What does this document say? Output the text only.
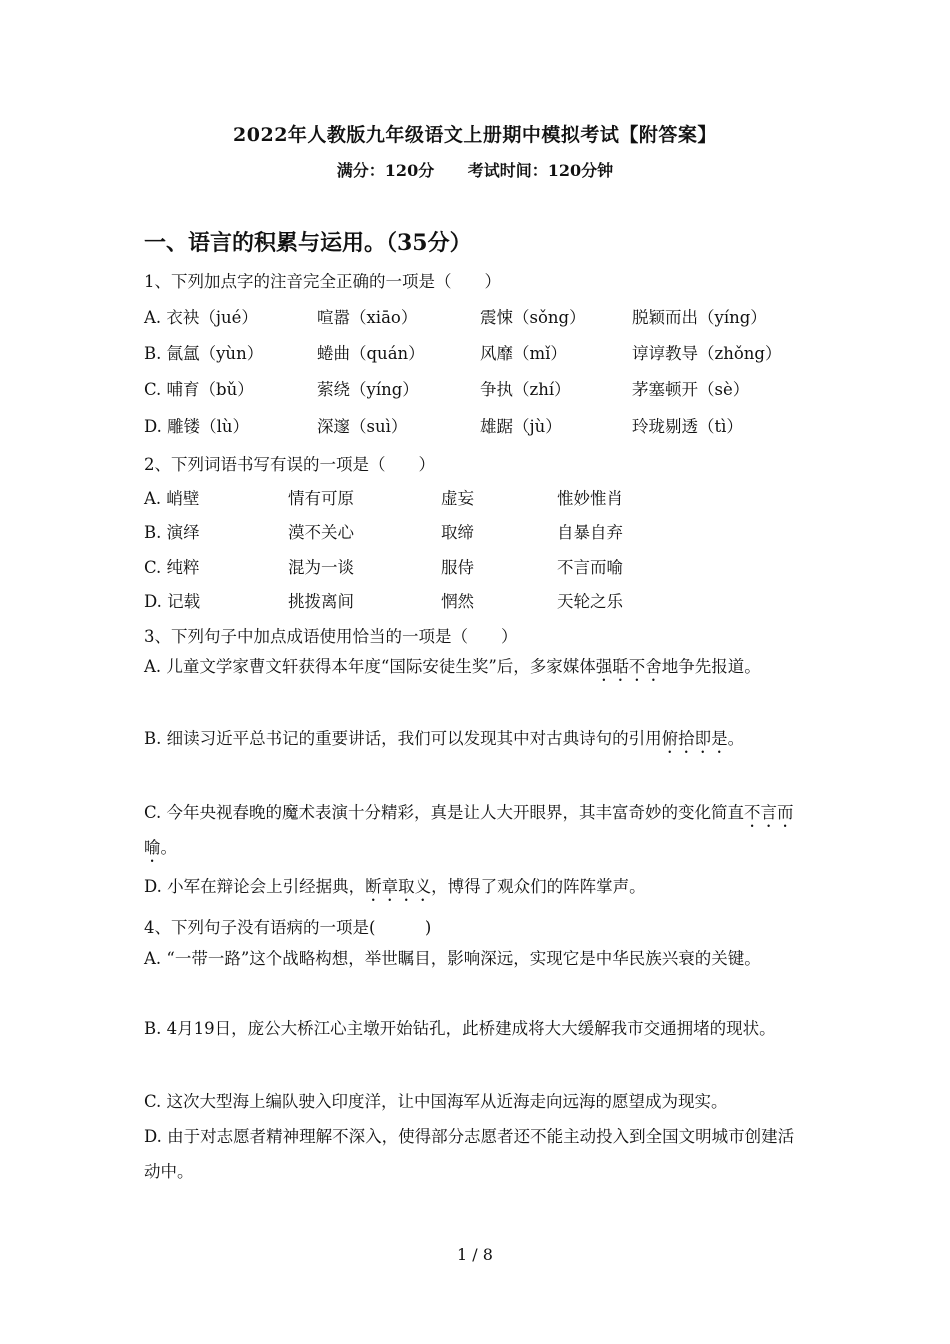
2022年人教版九年级语文上册期中模拟考试【附答案】
满分：120分 考试时间：120分钟
一、语言的积累与运用。（35分）
1、下列加点字的注音完全正确的一项是（　　）
A. 衣袂（jué）	喧嚣（xiāo）	震悚（sǒng）	脱颖而出（yíng）
B. 氤氲（yùn）	蜷曲（quán）	风靡（mǐ）	谆谆教导（zhǒng）
C. 哺育（bǔ）	萦绕（yíng）	争执（zhí）	茅塞顿开（sè）
D. 雕镂（lù）	深邃（suì）	雄踞（jù）	玲珑剔透（tì）
2、下列词语书写有误的一项是（　　）
A. 峭壁	情有可原	虚妄	惟妙惟肖
B. 演绎	漠不关心	取缔	自暴自弃
C. 纯粹	混为一谈	服侍	不言而喻
D. 记载	挑拨离间	惘然	天轮之乐
3、下列句子中加点成语使用恰当的一项是（　　）
A. 儿童文学家曹文轩获得本年度“国际安徒生奖”后，多家媒体强聒不舍地争先报道。
B. 细读习近平总书记的重要讲话，我们可以发现其中对古典诗句的引用俯拾即是。
C. 今年央视春晚的魔术表演十分精彩，真是让人大开眼界，其丰富奇妙的变化简直不言而喻。
D. 小军在辩论会上引经据典，断章取义，博得了观众们的阵阵掌声。
4、下列句子没有语病的一项是(　　　)
A. “一带一路”这个战略构想，举世瞩目，影响深远，实现它是中华民族兴衰的关键。
B. 4月19日，庞公大桥江心主墩开始钻孔，此桥建成将大大缓解我市交通拥堵的现状。
C. 这次大型海上编队驶入印度洋，让中国海军从近海走向远海的愿望成为现实。
D. 由于对志愿者精神理解不深入，使得部分志愿者还不能主动投入到全国文明城市创建活动中。
1 / 8
